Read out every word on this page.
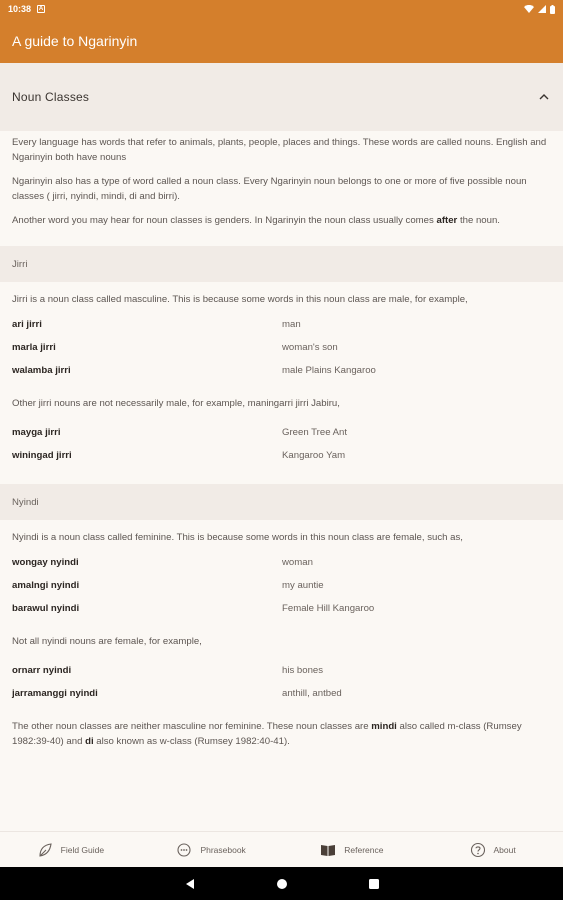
10:38	A
A guide to Ngarinyin
Noun Classes

Every language has words that refer to animals, plants, people, places and things. These words are called nouns. English and Ngarinyin both have nouns

Ngarinyin also has a type of word called a noun class. Every Ngarinyin noun belongs to one or more of five possible noun classes ( jirri, nyindi, mindi, di and birri).

Another word you may hear for noun classes is genders. In Ngarinyin the noun class usually comes after the noun.

Jirri

Jirri is a noun class called masculine. This is because some words in this noun class are male, for example,

ari jirri	man
marla jirri	woman's son
walamba jirri	male Plains Kangaroo

Other jirri nouns are not necessarily male, for example, maningarri jirri Jabiru,

mayga jirri	Green Tree Ant
winingad jirri	Kangaroo Yam
Nyindi

Nyindi is a noun class called feminine. This is because some words in this noun class are female, such as,

wongay nyindi	woman
amalngi nyindi	my auntie
barawul nyindi	Female Hill Kangaroo

Not all nyindi nouns are female, for example,

ornarr nyindi	his bones
jarramanggi nyindi	anthill, antbed

The other noun classes are neither masculine nor feminine. These noun classes are mindi also called m-class (Rumsey 1982:39-40) and di also known as w-class (Rumsey 1982:40-41).

Field Guide	Phrasebook	Reference	About
